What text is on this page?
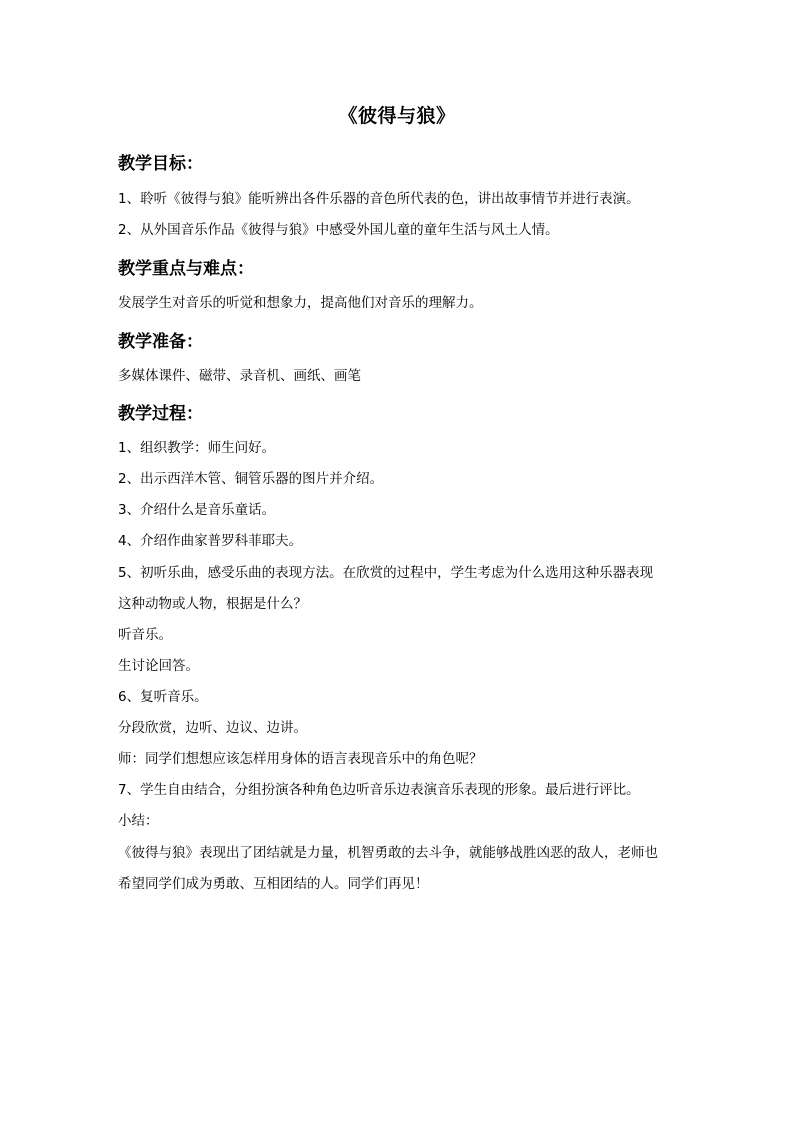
《彼得与狼》
教学目标：
1、聆听《彼得与狼》能听辨出各件乐器的音色所代表的色，讲出故事情节并进行表演。
2、从外国音乐作品《彼得与狼》中感受外国儿童的童年生活与风土人情。
教学重点与难点：
发展学生对音乐的听觉和想象力，提高他们对音乐的理解力。
教学准备：
多媒体课件、磁带、录音机、画纸、画笔
教学过程：
1、组织教学：师生问好。
2、出示西洋木管、铜管乐器的图片并介绍。
3、介绍什么是音乐童话。
4、介绍作曲家普罗科菲耶夫。
5、初听乐曲，感受乐曲的表现方法。在欣赏的过程中，学生考虑为什么选用这种乐器表现
这种动物或人物，根据是什么？
听音乐。
生讨论回答。
6、复听音乐。
分段欣赏，边听、边议、边讲。
师：同学们想想应该怎样用身体的语言表现音乐中的角色呢？
7、学生自由结合，分组扮演各种角色边听音乐边表演音乐表现的形象。最后进行评比。
小结：
《彼得与狼》表现出了团结就是力量，机智勇敢的去斗争，就能够战胜凶恶的敌人，老师也
希望同学们成为勇敢、互相团结的人。同学们再见！
